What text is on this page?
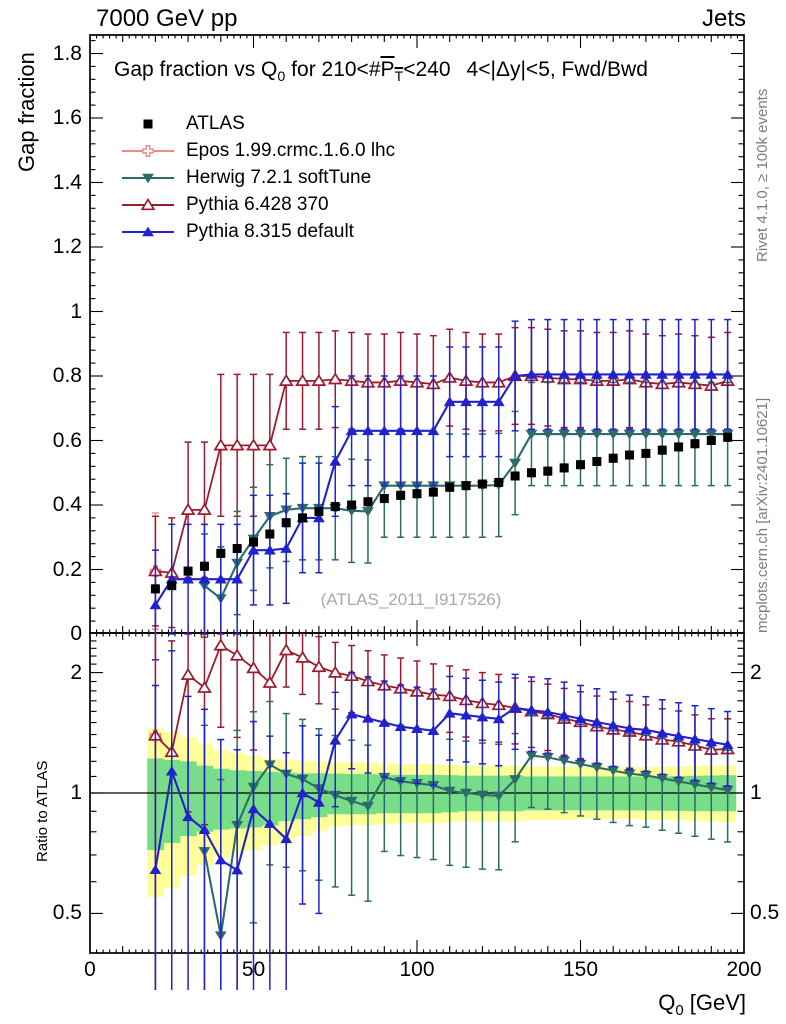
7000 GeV pp	Jets
Gap fraction vs $Q_0$ for $210<\#P_T<240$ 4<|Δy|<5, Fwd/Bwd
ATLAS
Epos 1.99.crmc.1.6.0 lhc
Herwig 7.2.1 softTune
Pythia 6.428 370
Pythia 8.315 default
Gap fraction
Ratio to ATLAS
Rivet 4.1.0, ≥ 100k events
mcplots.cern.ch [arXiv:2401.10621]
(ATLAS_2011_I917526)
$Q_0$ [GeV]
0
0.2
0.4
0.6
0.8
1
1.2
1.4
1.6
1.8
0.5	0.5
1	1
2	2
0	50	100	150	200
